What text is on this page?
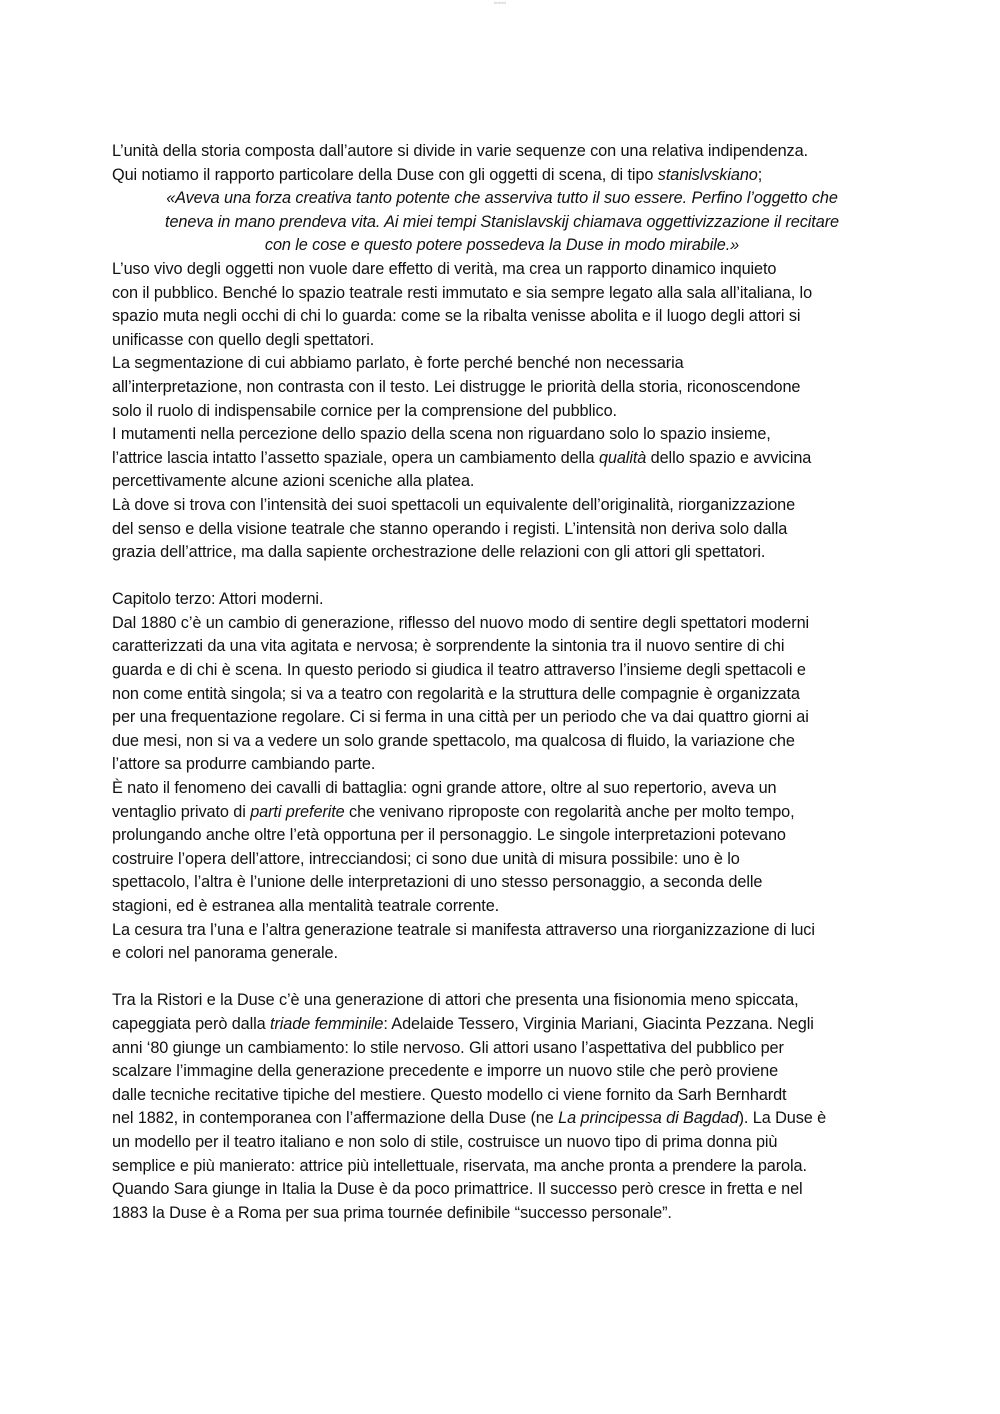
textdot
L’unità della storia composta dall’autore si divide in varie sequenze con una relativa indipendenza.
Qui notiamo il rapporto particolare della Duse con gli oggetti di scena, di tipo stanislvskiano;
«Aveva una forza creativa tanto potente che asserviva tutto il suo essere. Perfino l’oggetto che
teneva in mano prendeva vita. Ai miei tempi Stanislavskij chiamava oggettivizzazione il recitare
con le cose e questo potere possedeva la Duse in modo mirabile.»
L’uso vivo degli oggetti non vuole dare effetto di verità, ma crea un rapporto dinamico inquieto
con il pubblico. Benché lo spazio teatrale resti immutato e sia sempre legato alla sala all’italiana, lo
spazio muta negli occhi di chi lo guarda: come se la ribalta venisse abolita e il luogo degli attori si
unificasse con quello degli spettatori.
La segmentazione di cui abbiamo parlato, è forte perché benché non necessaria
all’interpretazione, non contrasta con il testo. Lei distrugge le priorità della storia, riconoscendone
solo il ruolo di indispensabile cornice per la comprensione del pubblico.
I mutamenti nella percezione dello spazio della scena non riguardano solo lo spazio insieme,
l’attrice lascia intatto l’assetto spaziale, opera un cambiamento della qualità dello spazio e avvicina
percettivamente alcune azioni sceniche alla platea.
Là dove si trova con l’intensità dei suoi spettacoli un equivalente dell’originalità, riorganizzazione
del senso e della visione teatrale che stanno operando i registi. L’intensità non deriva solo dalla
grazia dell’attrice, ma dalla sapiente orchestrazione delle relazioni con gli attori gli spettatori.
Capitolo terzo: Attori moderni.
Dal 1880 c’è un cambio di generazione, riflesso del nuovo modo di sentire degli spettatori moderni
caratterizzati da una vita agitata e nervosa; è sorprendente la sintonia tra il nuovo sentire di chi
guarda e di chi è scena. In questo periodo si giudica il teatro attraverso l’insieme degli spettacoli e
non come entità singola; si va a teatro con regolarità e la struttura delle compagnie è organizzata
per una frequentazione regolare. Ci si ferma in una città per un periodo che va dai quattro giorni ai
due mesi, non si va a vedere un solo grande spettacolo, ma qualcosa di fluido, la variazione che
l’attore sa produrre cambiando parte.
È nato il fenomeno dei cavalli di battaglia: ogni grande attore, oltre al suo repertorio, aveva un
ventaglio privato di parti preferite che venivano riproposte con regolarità anche per molto tempo,
prolungando anche oltre l’età opportuna per il personaggio. Le singole interpretazioni potevano
costruire l’opera dell’attore, intrecciandosi; ci sono due unità di misura possibile: uno è lo
spettacolo, l’altra è l’unione delle interpretazioni di uno stesso personaggio, a seconda delle
stagioni, ed è estranea alla mentalità teatrale corrente.
La cesura tra l’una e l’altra generazione teatrale si manifesta attraverso una riorganizzazione di luci
e colori nel panorama generale.
Tra la Ristori e la Duse c’è una generazione di attori che presenta una fisionomia meno spiccata,
capeggiata però dalla triade femminile: Adelaide Tessero, Virginia Mariani, Giacinta Pezzana. Negli
anni ‘80 giunge un cambiamento: lo stile nervoso. Gli attori usano l’aspettativa del pubblico per
scalzare l’immagine della generazione precedente e imporre un nuovo stile che però proviene
dalle tecniche recitative tipiche del mestiere. Questo modello ci viene fornito da Sarh Bernhardt
nel 1882, in contemporanea con l’affermazione della Duse (ne La principessa di Bagdad). La Duse è
un modello per il teatro italiano e non solo di stile, costruisce un nuovo tipo di prima donna più
semplice e più manierato: attrice più intellettuale, riservata, ma anche pronta a prendere la parola.
Quando Sara giunge in Italia la Duse è da poco primattrice. Il successo però cresce in fretta e nel
1883 la Duse è a Roma per sua prima tournée definibile “successo personale”.
